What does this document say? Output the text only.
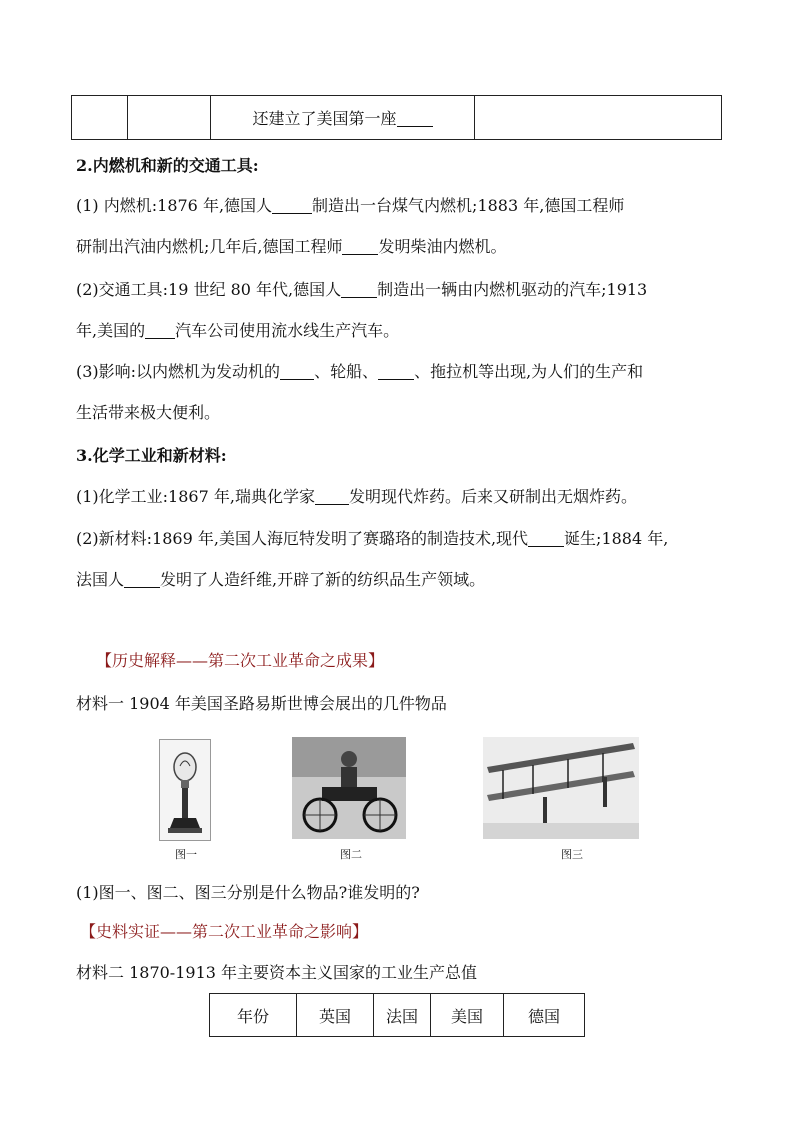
		还建立了美国第一座	
2.内燃机和新的交通工具:
(1) 内燃机:1876 年,德国人	制造出一台煤气内燃机;1883 年,德国工程师
研制出汽油内燃机;几年后,德国工程师 发明柴油内燃机。
(2)交通工具:19 世纪 80 年代,德国人 制造出一辆由内燃机驱动的汽车;1913
年,美国的 汽车公司使用流水线生产汽车。
(3)影响:以内燃机为发动机的 、轮船、 、拖拉机等出现,为人们的生产和
生活带来极大便利。
3.化学工业和新材料:
(1)化学工业:1867 年,瑞典化学家 发明现代炸药。后来又研制出无烟炸药。
(2)新材料:1869 年,美国人海厄特发明了赛璐珞的制造技术,现代 诞生;1884 年,
法国人 发明了人造纤维,开辟了新的纺织品生产领域。
【历史解释——第二次工业革命之成果】
材料一 1904 年美国圣路易斯世博会展出的几件物品
图一	图二	图三
(1)图一、图二、图三分别是什么物品?谁发明的?
【史料实证——第二次工业革命之影响】
材料二 1870-1913 年主要资本主义国家的工业生产总值
年份	英国	法国	美国	德国
